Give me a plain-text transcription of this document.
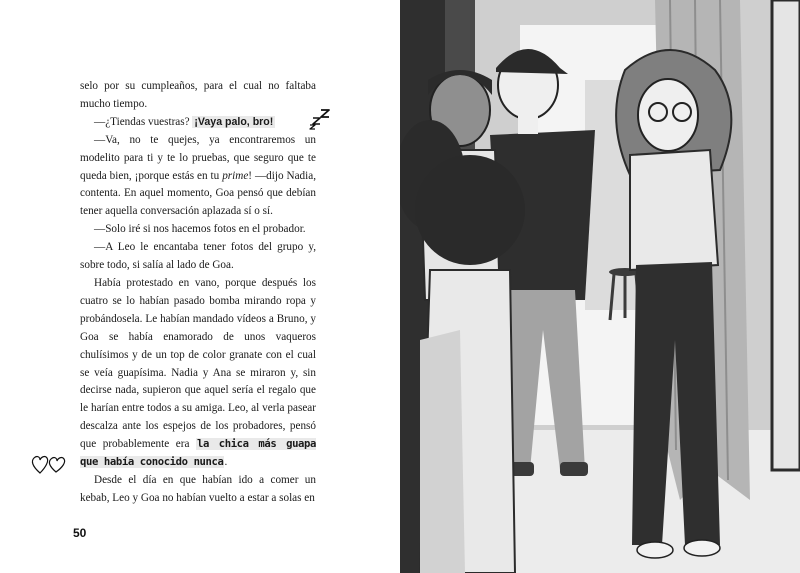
selo por su cumpleaños, para el cual no faltaba mucho tiempo.

—¿Tiendas vuestras? ¡Vaya palo, bro!

—Va, no te quejes, ya encontraremos un modelito para ti y te lo pruebas, que seguro que te queda bien, ¡porque estás en tu prime! —dijo Nadia, contenta. En aquel momento, Goa pensó que debían tener aquella conversación aplazada sí o sí.

—Solo iré si nos hacemos fotos en el probador.

—A Leo le encantaba tener fotos del grupo y, sobre todo, si salía al lado de Goa.

Había protestado en vano, porque después los cuatro se lo habían pasado bomba mirando ropa y probándosela. Le habían mandado vídeos a Bruno, y Goa se había enamorado de unos vaqueros chulísimos y de un top de color granate con el cual se veía guapísima. Nadia y Ana se miraron y, sin decirse nada, supieron que aquel sería el regalo que le harían entre todos a su amiga. Leo, al verla pasear descalza ante los espejos de los probadores, pensó que probablemente era la chica más guapa que había conocido nunca.

Desde el día en que habían ido a comer un kebab, Leo y Goa no habían vuelto a estar a solas en

50
